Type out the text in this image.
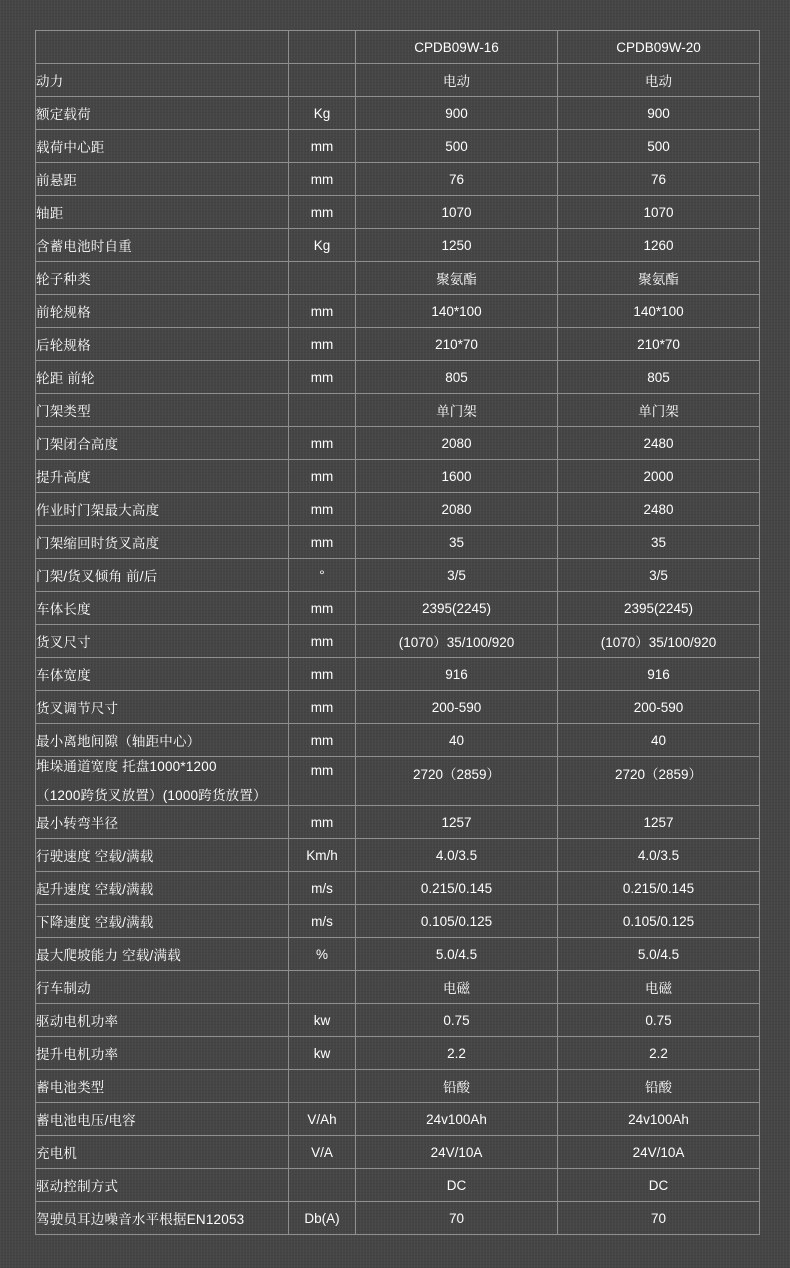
		CPDB09W-16	CPDB09W-20
动力		电动	电动
额定载荷	Kg	900	900
载荷中心距	mm	500	500
前悬距	mm	76	76
轴距	mm	1070	1070
含蓄电池时自重	Kg	1250	1260
轮子种类		聚氨酯	聚氨酯
前轮规格	mm	140*100	140*100
后轮规格	mm	210*70	210*70
轮距 前轮	mm	805	805
门架类型		单门架	单门架
门架闭合高度	mm	2080	2480
提升高度	mm	1600	2000
作业时门架最大高度	mm	2080	2480
门架缩回时货叉高度	mm	35	35
门架/货叉倾角 前/后	°	3/5	3/5
车体长度	mm	2395(2245)	2395(2245)
货叉尺寸	mm	(1070）35/100/920	(1070）35/100/920
车体宽度	mm	916	916
货叉调节尺寸	mm	200-590	200-590
最小离地间隙（轴距中心）	mm	40	40

堆垛通道宽度 托盘1000*1200
（1200跨货叉放置）(1000跨货放置）	mm	2720（2859）	2720（2859）
最小转弯半径	mm	1257	1257
行驶速度 空载/满载	Km/h	4.0/3.5	4.0/3.5
起升速度 空载/满载	m/s	0.215/0.145	0.215/0.145
下降速度 空载/满载	m/s	0.105/0.125	0.105/0.125
最大爬坡能力 空载/满载	%	5.0/4.5	5.0/4.5
行车制动		电磁	电磁
驱动电机功率	kw	0.75	0.75
提升电机功率	kw	2.2	2.2
蓄电池类型		铅酸	铅酸
蓄电池电压/电容	V/Ah	24v100Ah	24v100Ah
充电机	V/A	24V/10A	24V/10A
驱动控制方式		DC	DC
驾驶员耳边噪音水平根据EN12053	Db(A)	70	70
